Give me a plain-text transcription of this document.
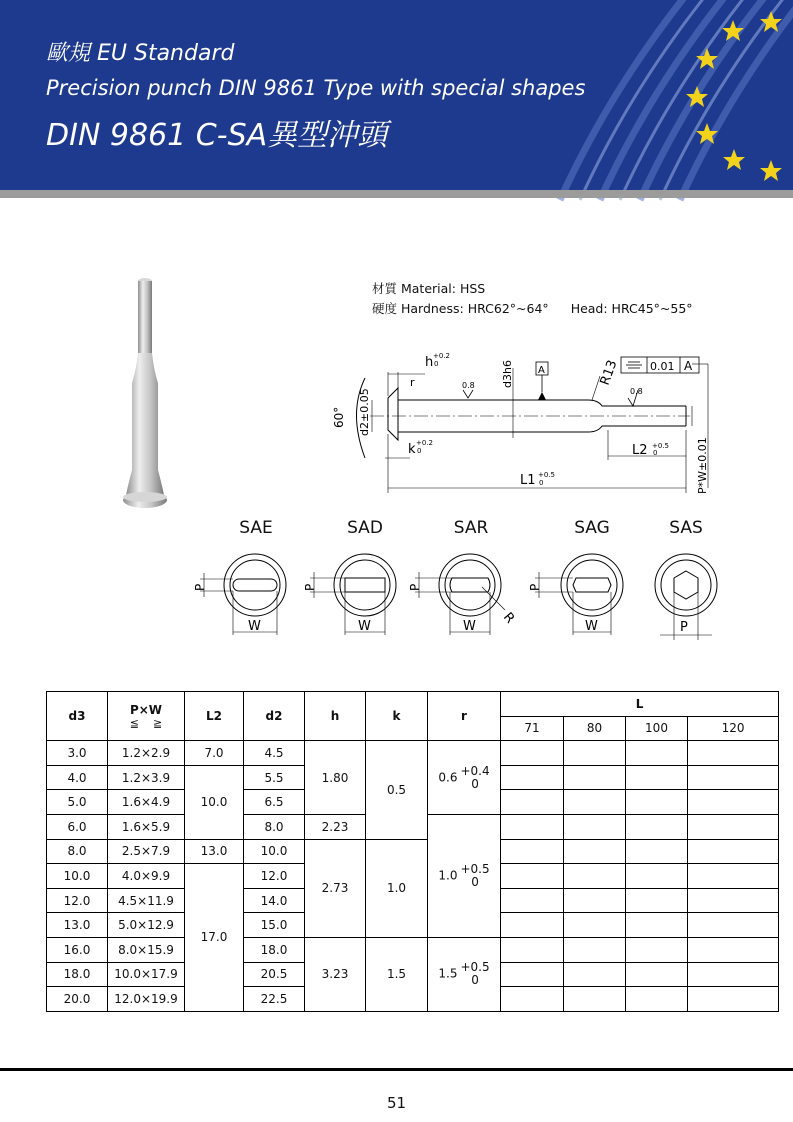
歐規 EU Standard
Precision punch DIN 9861 Type with special shapes
DIN 9861 C-SA異型沖頭
材質 Material: HSS
硬度 Hardness: HRC62°~64° Head: HRC45°~55°
h +0.2
0
r	d3h6 A	R13	0.01 A
0.8
0.8
60° d2±0.05
k +0.2
0	L2 +0.5
0
L1 +0.5
0	P*W±0.01
SAE	SAD	SAR	SAG	SAS
P
W
P
W
P
W R
P
W	P
d3	P×W
≦    ≧	L2	d2	h	k	r	L			
							71	80	100	120
3.0	1.2×2.9	7.0	4.5	1.80	0.5	0.6 +0.4
0				
4.0	1.2×3.9	10.0	5.5							
5.0	1.6×4.9		6.5							
6.0	1.6×5.9		8.0	2.23		1.0 +0.5
0				
8.0	2.5×7.9	13.0	10.0	2.73	1.0					
10.0	4.0×9.9	17.0	12.0							
12.0	4.5×11.9		14.0							
13.0	5.0×12.9		15.0							
16.0	8.0×15.9		18.0	3.23	1.5	1.5 +0.5
0				
18.0	10.0×17.9		20.5							
20.0	12.0×19.9		22.5							
51
